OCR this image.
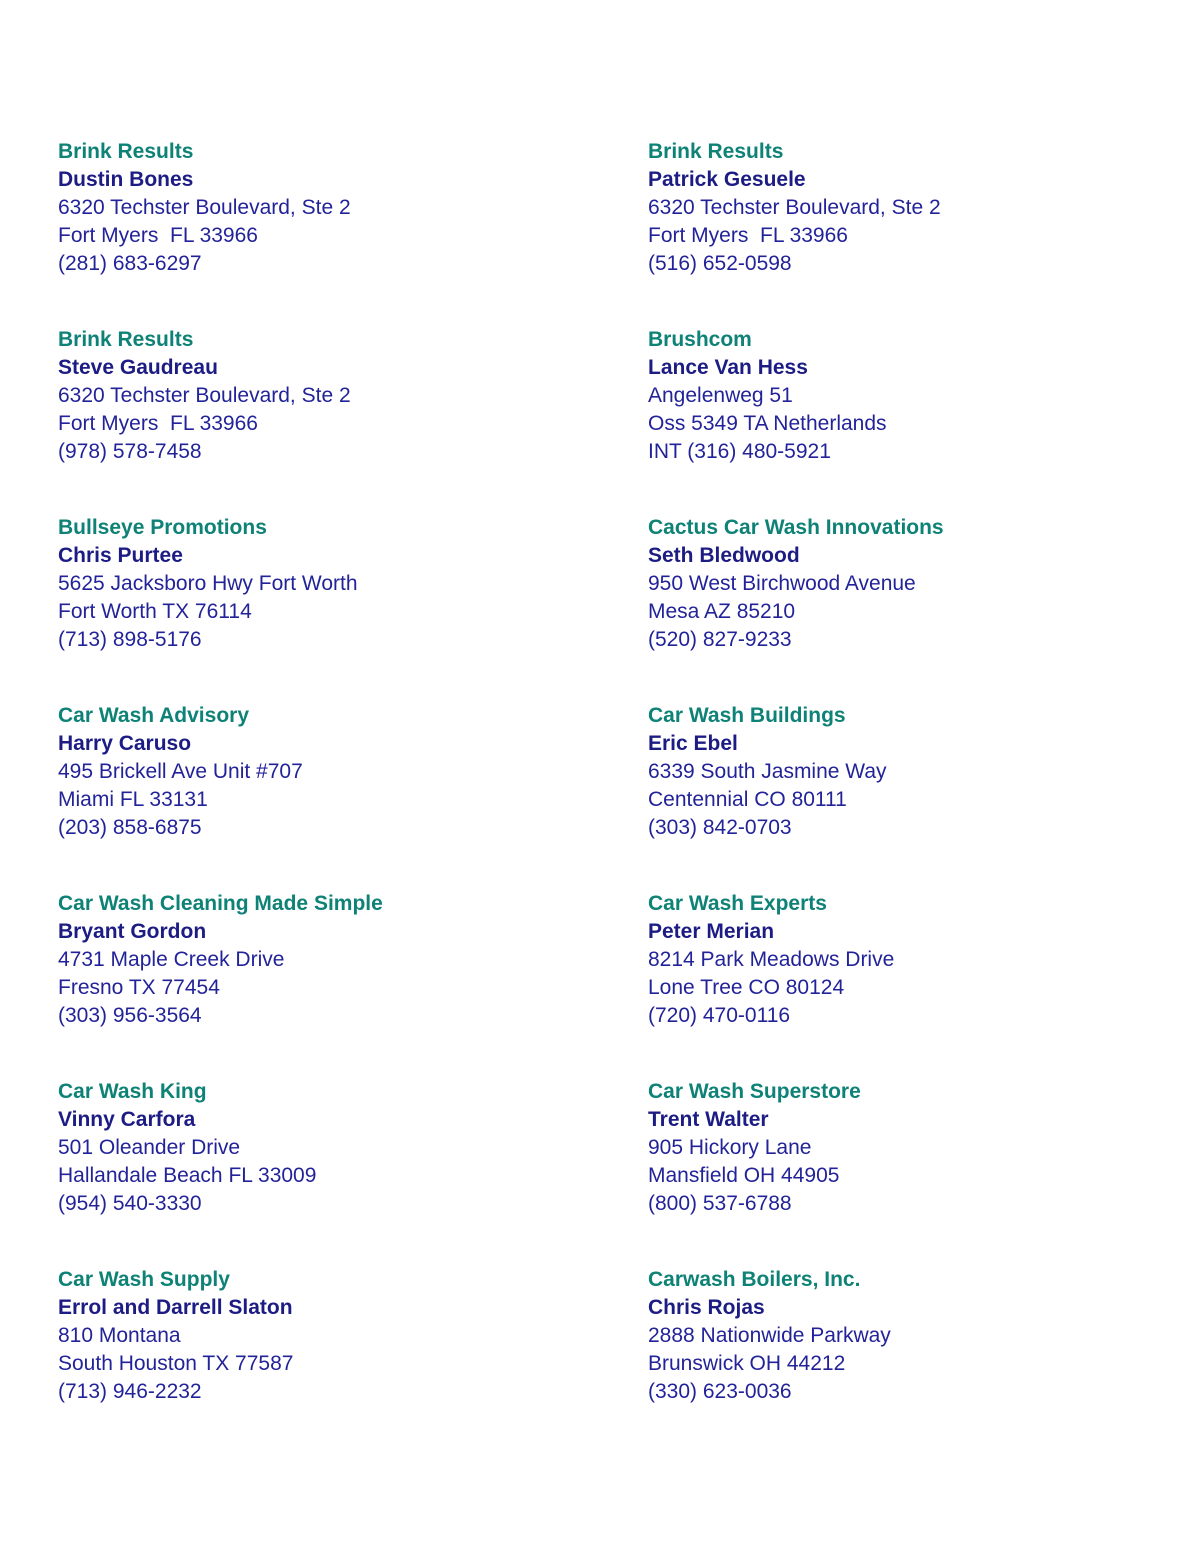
Brink Results
Dustin Bones
6320 Techster Boulevard, Ste 2
Fort Myers  FL 33966
(281) 683-6297
Brink Results
Patrick Gesuele
6320 Techster Boulevard, Ste 2
Fort Myers  FL 33966
(516) 652-0598
Brink Results
Steve Gaudreau
6320 Techster Boulevard, Ste 2
Fort Myers  FL 33966
(978) 578-7458
Brushcom
Lance Van Hess
Angelenweg 51
Oss 5349 TA Netherlands
INT (316) 480-5921
Bullseye Promotions
Chris Purtee
5625 Jacksboro Hwy Fort Worth
Fort Worth TX 76114
(713) 898-5176
Cactus Car Wash Innovations
Seth Bledwood
950 West Birchwood Avenue
Mesa AZ 85210
(520) 827-9233
Car Wash Advisory
Harry Caruso
495 Brickell Ave Unit #707
Miami FL 33131
(203) 858-6875
Car Wash Buildings
Eric Ebel
6339 South Jasmine Way
Centennial CO 80111
(303) 842-0703
Car Wash Cleaning Made Simple
Bryant Gordon
4731 Maple Creek Drive
Fresno TX 77454
(303) 956-3564
Car Wash Experts
Peter Merian
8214 Park Meadows Drive
Lone Tree CO 80124
(720) 470-0116
Car Wash King
Vinny Carfora
501 Oleander Drive
Hallandale Beach FL 33009
(954) 540-3330
Car Wash Superstore
Trent Walter
905 Hickory Lane
Mansfield OH 44905
(800) 537-6788
Car Wash Supply
Errol and Darrell Slaton
810 Montana
South Houston TX 77587
(713) 946-2232
Carwash Boilers, Inc.
Chris Rojas
2888 Nationwide Parkway
Brunswick OH 44212
(330) 623-0036
